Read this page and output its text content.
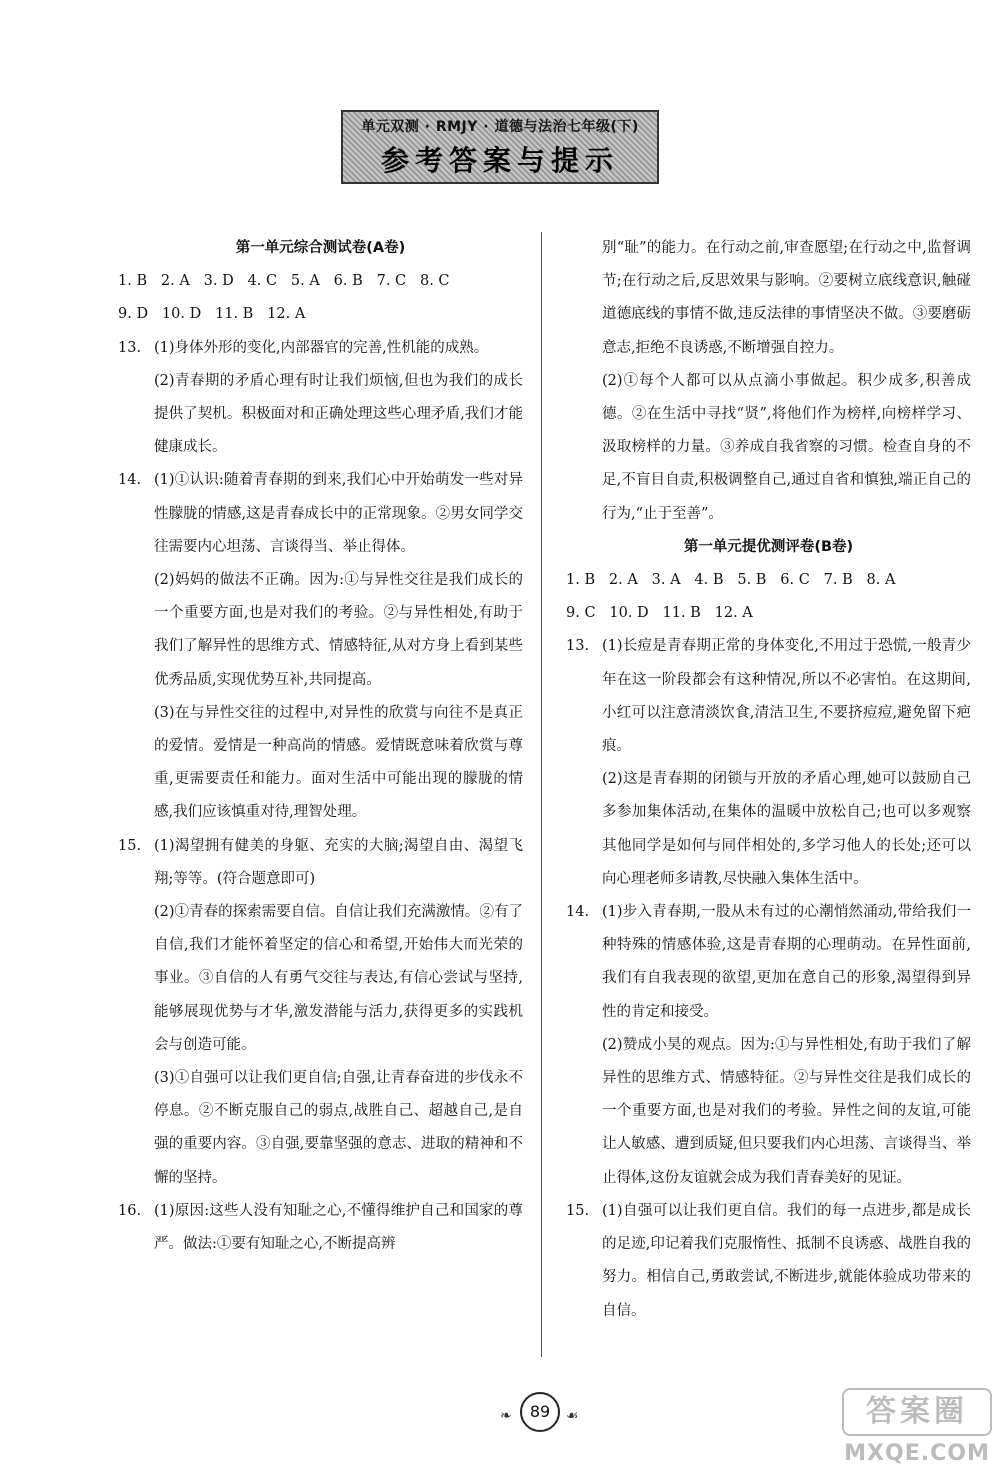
单元双测 · RMJY · 道德与法治七年级(下)
参考答案与提示
第一单元综合测试卷(A卷)
1. B   2. A   3. D   4. C   5. A   6. B   7. C   8. C
9. D   10. D   11. B   12. A
13. (1)身体外形的变化,内部器官的完善,性机能的成熟。
(2)青春期的矛盾心理有时让我们烦恼,但也为我们的成长提供了契机。积极面对和正确处理这些心理矛盾,我们才能健康成长。
14. (1)①认识:随着青春期的到来,我们心中开始萌发一些对异性朦胧的情感,这是青春成长中的正常现象。②男女同学交往需要内心坦荡、言谈得当、举止得体。
(2)妈妈的做法不正确。因为:①与异性交往是我们成长的一个重要方面,也是对我们的考验。②与异性相处,有助于我们了解异性的思维方式、情感特征,从对方身上看到某些优秀品质,实现优势互补,共同提高。
(3)在与异性交往的过程中,对异性的欣赏与向往不是真正的爱情。爱情是一种高尚的情感。爱情既意味着欣赏与尊重,更需要责任和能力。面对生活中可能出现的朦胧的情感,我们应该慎重对待,理智处理。
15. (1)渴望拥有健美的身躯、充实的大脑;渴望自由、渴望飞翔;等等。(符合题意即可)
(2)①青春的探索需要自信。自信让我们充满激情。②有了自信,我们才能怀着坚定的信心和希望,开始伟大而光荣的事业。③自信的人有勇气交往与表达,有信心尝试与坚持,能够展现优势与才华,激发潜能与活力,获得更多的实践机会与创造可能。
(3)①自强可以让我们更自信;自强,让青春奋进的步伐永不停息。②不断克服自己的弱点,战胜自己、超越自己,是自强的重要内容。③自强,要靠坚强的意志、进取的精神和不懈的坚持。
16. (1)原因:这些人没有知耻之心,不懂得维护自己和国家的尊严。做法:①要有知耻之心,不断提高辨
别“耻”的能力。在行动之前,审查愿望;在行动之中,监督调节;在行动之后,反思效果与影响。②要树立底线意识,触碰道德底线的事情不做,违反法律的事情坚决不做。③要磨砺意志,拒绝不良诱惑,不断增强自控力。
(2)①每个人都可以从点滴小事做起。积少成多,积善成德。②在生活中寻找“贤”,将他们作为榜样,向榜样学习、汲取榜样的力量。③养成自我省察的习惯。检查自身的不足,不盲目自责,积极调整自己,通过自省和慎独,端正自己的行为,“止于至善”。
第一单元提优测评卷(B卷)
1. B   2. A   3. A   4. B   5. B   6. C   7. B   8. A
9. C   10. D   11. B   12. A
13. (1)长痘是青春期正常的身体变化,不用过于恐慌,一般青少年在这一阶段都会有这种情况,所以不必害怕。在这期间,小红可以注意清淡饮食,清洁卫生,不要挤痘痘,避免留下疤痕。
(2)这是青春期的闭锁与开放的矛盾心理,她可以鼓励自己多参加集体活动,在集体的温暖中放松自己;也可以多观察其他同学是如何与同伴相处的,多学习他人的长处;还可以向心理老师多请教,尽快融入集体生活中。
14. (1)步入青春期,一股从未有过的心潮悄然涌动,带给我们一种特殊的情感体验,这是青春期的心理萌动。在异性面前,我们有自我表现的欲望,更加在意自己的形象,渴望得到异性的肯定和接受。
(2)赞成小昊的观点。因为:①与异性相处,有助于我们了解异性的思维方式、情感特征。②与异性交往是我们成长的一个重要方面,也是对我们的考验。异性之间的友谊,可能让人敏感、遭到质疑,但只要我们内心坦荡、言谈得当、举止得体,这份友谊就会成为我们青春美好的见证。
15. (1)自强可以让我们更自信。我们的每一点进步,都是成长的足迹,印记着我们克服惰性、抵制不良诱惑、战胜自我的努力。相信自己,勇敢尝试,不断进步,就能体验成功带来的自信。
❧	89	☙	答案圈
MXQE.COM
